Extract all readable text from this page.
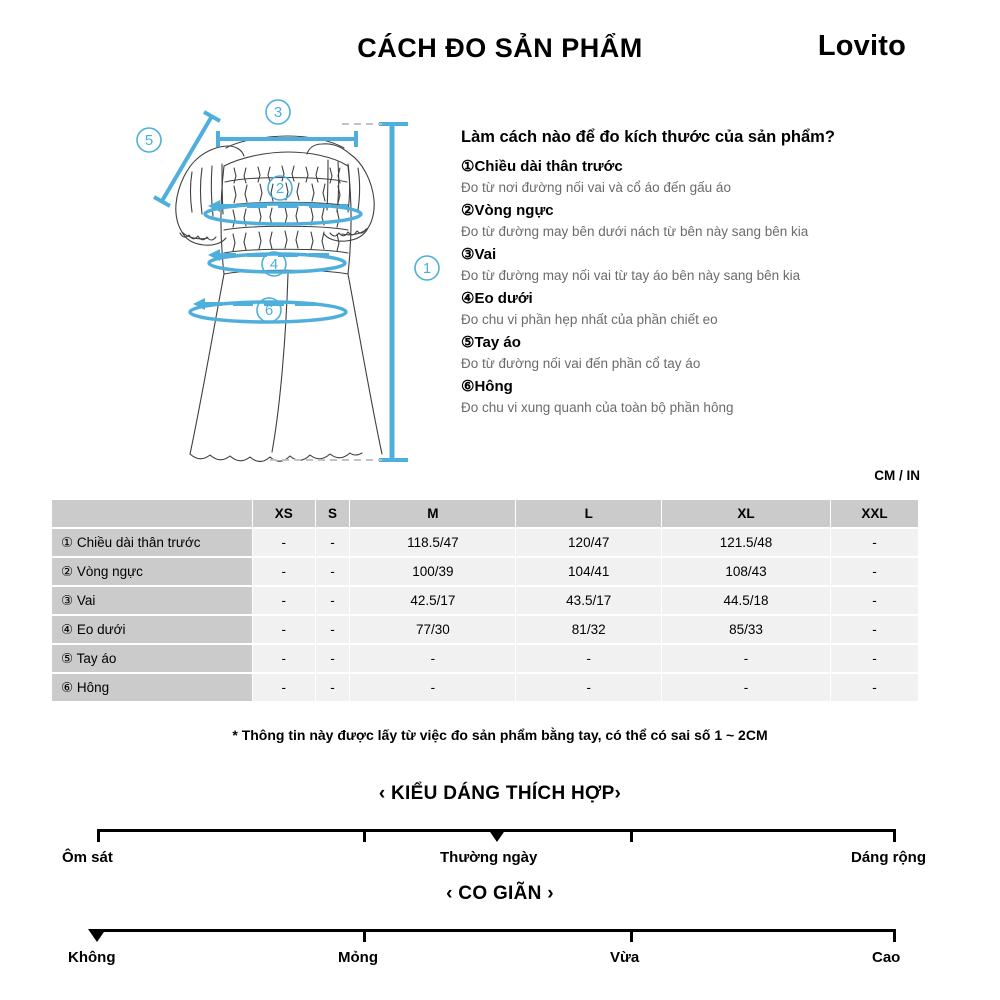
CÁCH ĐO SẢN PHẨM	Lovito
3
5
2
4
6
1
Làm cách nào để đo kích thước của sản phẩm?
①Chiều dài thân trước
Đo từ nơi đường nối vai và cổ áo đến gấu áo
②Vòng ngực
Đo từ đường may bên dưới nách từ bên này sang bên kia
③Vai
Đo từ đường may nối vai từ tay áo bên này sang bên kia
④Eo dưới
Đo chu vi phần hẹp nhất của phần chiết eo
⑤Tay áo
Đo từ đường nối vai đến phần cổ tay áo
⑥Hông
Đo chu vi xung quanh của toàn bộ phần hông
CM / IN
	XS	S	M	L	XL	XXL
① Chiều dài thân trước	-	-	118.5/47	120/47	121.5/48	-
② Vòng ngực	-	-	100/39	104/41	108/43	-
③ Vai	-	-	42.5/17	43.5/17	44.5/18	-
④ Eo dưới	-	-	77/30	81/32	85/33	-
⑤ Tay áo	-	-	-	-	-	-
⑥ Hông	-	-	-	-	-	-
* Thông tin này được lấy từ việc đo sản phẩm bằng tay, có thể có sai số 1 ~ 2CM
‹ KIỂU DÁNG THÍCH HỢP›
Ôm sát	Thường ngày	Dáng rộng
‹ CO GIÃN ›
Không	Mỏng	Vừa	Cao
